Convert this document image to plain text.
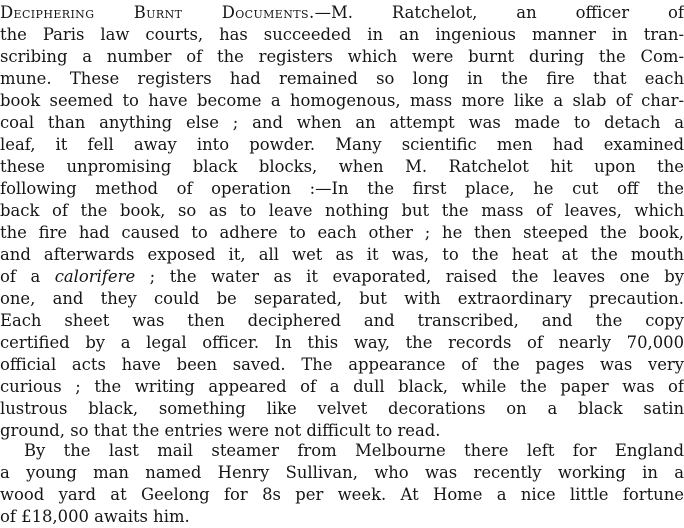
Deciphering Burnt Documents.—M. Ratchelot, an officer of
the Paris law courts, has succeeded in an ingenious manner in tran-
scribing a number of the registers which were burnt during the Com-
mune. These registers had remained so long in the fire that each
book seemed to have become a homogenous, mass more like a slab of char-
coal than anything else ; and when an attempt was made to detach a
leaf, it fell away into powder. Many scientific men had examined
these unpromising black blocks, when M. Ratchelot hit upon the
following method of operation :—In the first place, he cut off the
back of the book, so as to leave nothing but the mass of leaves, which
the fire had caused to adhere to each other ; he then steeped the book,
and afterwards exposed it, all wet as it was, to the heat at the mouth
of a calorifere ; the water as it evaporated, raised the leaves one by
one, and they could be separated, but with extraordinary precaution.
Each sheet was then deciphered and transcribed, and the copy
certified by a legal officer. In this way, the records of nearly 70,000
official acts have been saved. The appearance of the pages was very
curious ; the writing appeared of a dull black, while the paper was of
lustrous black, something like velvet decorations on a black satin
ground, so that the entries were not difficult to read.
By the last mail steamer from Melbourne there left for England
a young man named Henry Sullivan, who was recently working in a
wood yard at Geelong for 8s per week. At Home a nice little fortune
of £18,000 awaits him.
